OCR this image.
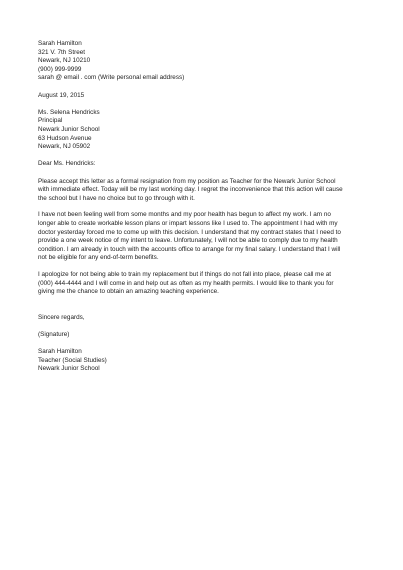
Sarah Hamilton
321 V. 7th Street
Newark, NJ 10210
(900) 999-9999
sarah @ email . com (Write personal email address)
August 19, 2015
Ms. Selena Hendricks
Principal
Newark Junior School
63 Hudson Avenue
Newark, NJ 05902
Dear Ms. Hendricks:
Please accept this letter as a formal resignation from my position as Teacher for the Newark Junior School
with immediate effect. Today will be my last working day. I regret the inconvenience that this action will cause
the school but I have no choice but to go through with it.
I have not been feeling well from some months and my poor health has begun to affect my work. I am no
longer able to create workable lesson plans or impart lessons like I used to. The appointment I had with my
doctor yesterday forced me to come up with this decision. I understand that my contract states that I need to
provide a one week notice of my intent to leave. Unfortunately, I will not be able to comply due to my health
condition. I am already in touch with the accounts office to arrange for my final salary. I understand that I will
not be eligible for any end-of-term benefits.
I apologize for not being able to train my replacement but if things do not fall into place, please call me at
(000) 444-4444 and I will come in and help out as often as my health permits. I would like to thank you for
giving me the chance to obtain an amazing teaching experience.
Sincere regards,
(Signature)
Sarah Hamilton
Teacher (Social Studies)
Newark Junior School
